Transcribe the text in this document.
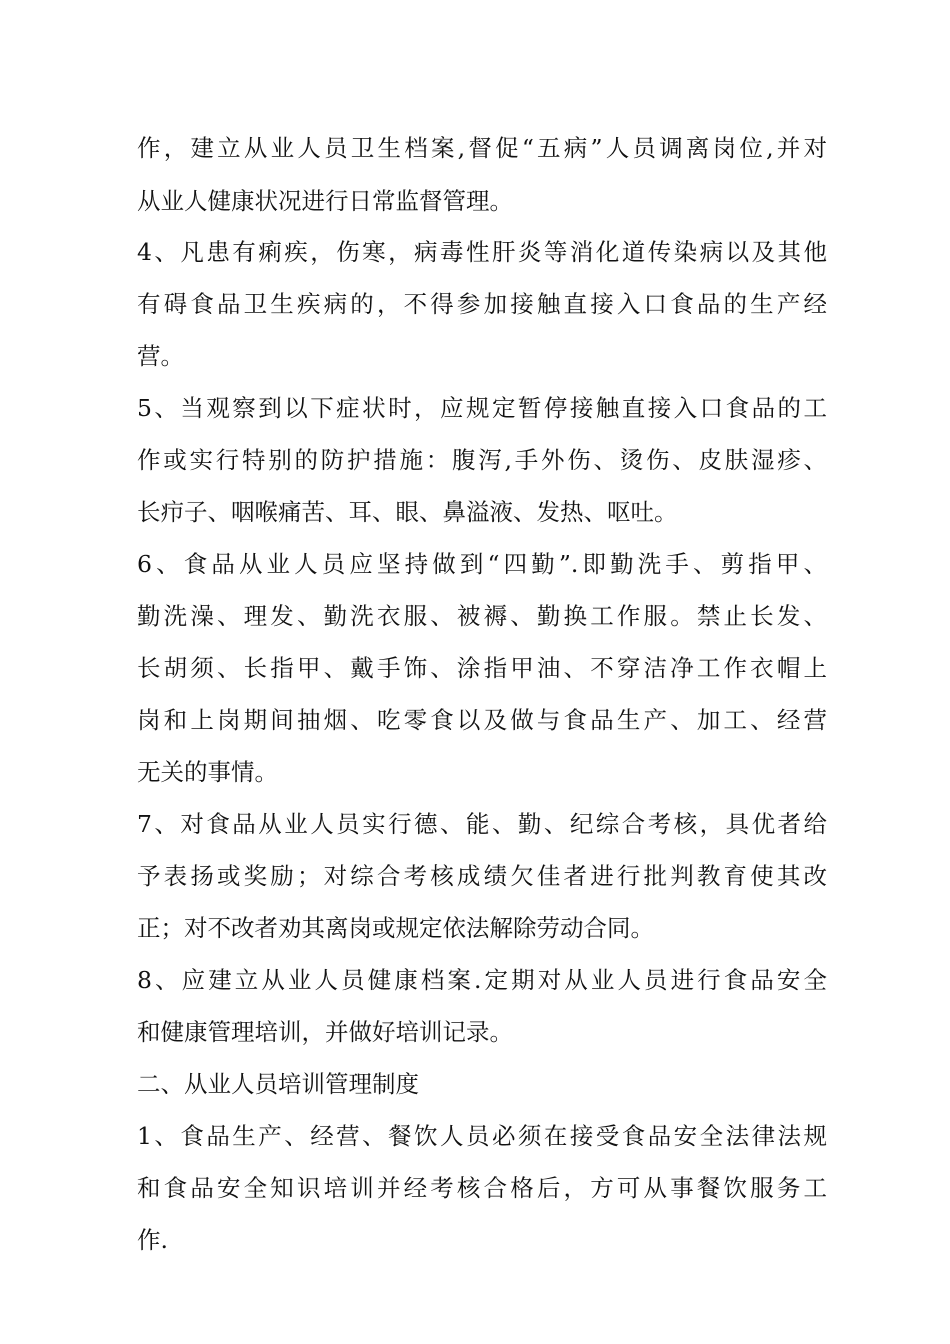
作，建立从业人员卫生档案,督促“五病”人员调离岗位,并对
从业人健康状况进行日常监督管理。
4、凡患有痢疾，伤寒，病毒性肝炎等消化道传染病以及其他
有碍食品卫生疾病的，不得参加接触直接入口食品的生产经
营。
5、当观察到以下症状时，应规定暂停接触直接入口食品的工
作或实行特别的防护措施：腹泻,手外伤、烫伤、皮肤湿疹、
长疖子、咽喉痛苦、耳、眼、鼻溢液、发热、呕吐。
6、食品从业人员应坚持做到“四勤”.即勤洗手、剪指甲、
勤洗澡、理发、勤洗衣服、被褥、勤换工作服。禁止长发、
长胡须、长指甲、戴手饰、涂指甲油、不穿洁净工作衣帽上
岗和上岗期间抽烟、吃零食以及做与食品生产、加工、经营
无关的事情。
7、对食品从业人员实行德、能、勤、纪综合考核，具优者给
予表扬或奖励；对综合考核成绩欠佳者进行批判教育使其改
正；对不改者劝其离岗或规定依法解除劳动合同。
8、应建立从业人员健康档案.定期对从业人员进行食品安全
和健康管理培训，并做好培训记录。
二、从业人员培训管理制度
1、食品生产、经营、餐饮人员必须在接受食品安全法律法规
和食品安全知识培训并经考核合格后，方可从事餐饮服务工
作.
